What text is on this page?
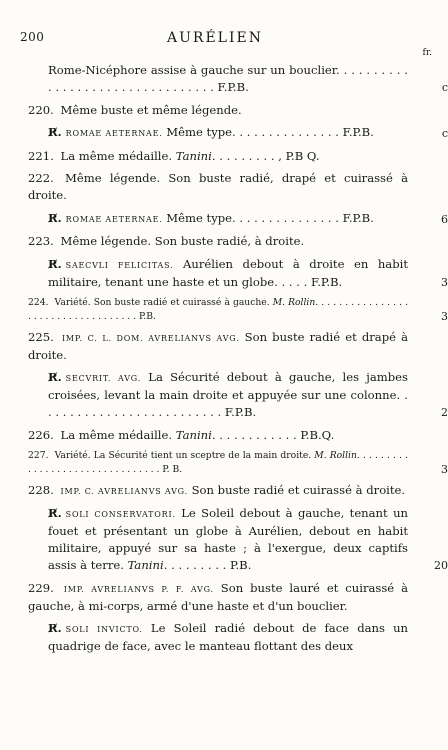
200	AURÉLIEN
fr.
Rome-Nicéphore assise à gauche sur un bouclier. . . . . . . . . . . . . . . . . . . . . . . . . . . . . . . . . F.P.B.	c
220. Même buste et même légende.
R̸. ROMAE AETERNAE. Même type. . . . . . . . . . . . . . . F.P.B.	c
221. La même médaille. Tanini. . . . . . . . . , P.B Q.
222. Même légende. Son buste radié, drapé et cuirassé à droite.
R̸. ROMAE AETERNAE. Même type. . . . . . . . . . . . . . . F.P.B.	6
223. Même légende. Son buste radié, à droite.
R̸. SAECVLI FELICITAS. Aurélien debout à droite en habit militaire, tenant une haste et un globe. . . . . F.P.B.	3
224. Variété. Son buste radié et cuirassé à gauche. M. Rollin. . . . . . . . . . . . . . . . . . . . . . . . . . . . . . . . . . . P.B.	3
225. IMP. C. L. DOM. AVRELIANVS AVG. Son buste radié et drapé à droite.
R̸. SECVRIT. AVG. La Sécurité debout à gauche, les jambes croisées, levant la main droite et appuyée sur une colonne. . . . . . . . . . . . . . . . . . . . . . . . . . F.P.B.	2
226. La même médaille. Tanini. . . . . . . . . . . . P.B.Q.
227. Variété. La Sécurité tient un sceptre de la main droite. M. Rollin. . . . . . . . . . . . . . . . . . . . . . . . . . . . . . . . P. B.	3
228. IMP. C. AVRELIANVS AVG. Son buste radié et cuirassé à droite.
R̸. SOLI CONSERVATORI. Le Soleil debout à gauche, tenant un fouet et présentant un globe à Aurélien, debout en habit militaire, appuyé sur sa haste ; à l'exergue, deux captifs assis à terre. Tanini. . . . . . . . . P.B.	20
229. IMP. AVRELIANVS P. F. AVG. Son buste lauré et cuirassé à gauche, à mi-corps, armé d'une haste et d'un bouclier.
R̸. SOLI INVICTO. Le Soleil radié debout de face dans un quadrige de face, avec le manteau flottant des deux
